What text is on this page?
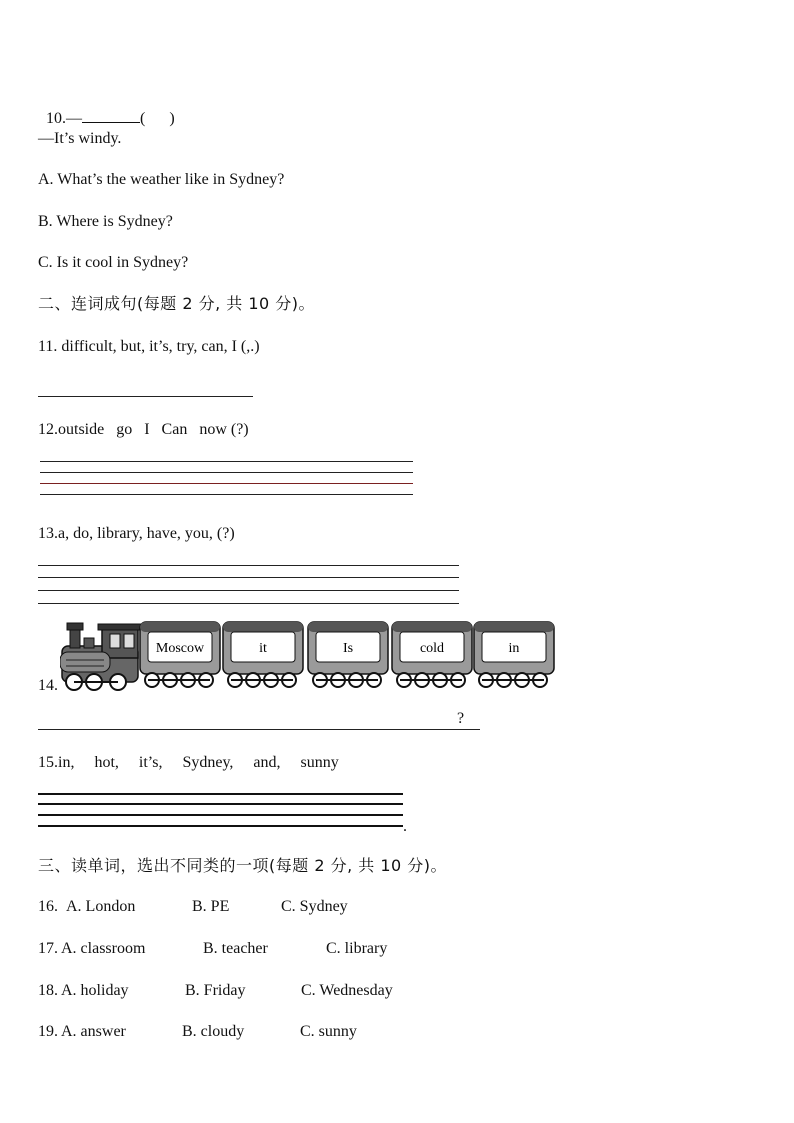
10.—	(      )

—It’s windy.
A. What’s the weather like in Sydney?
B. Where is Sydney?
C. Is it cool in Sydney?
二、连词成句(每题 2 分, 共 10 分)。
11. difficult, but, it’s, try, can, I (,.)
12.outside   go   I   Can   now (?)
13.a, do, library, have, you, (?)
14.
Moscow	it	Is	cold	in
?
15.in,     hot,     it’s,     Sydney,     and,     sunny
.
三、读单词，选出不同类的一项(每题 2 分, 共 10 分)。
16. A. London	B. PE	C. Sydney
17. A. classroom	B. teacher	C. library
18. A. holiday	B. Friday	C. Wednesday
19. A. answer	B. cloudy	C. sunny
